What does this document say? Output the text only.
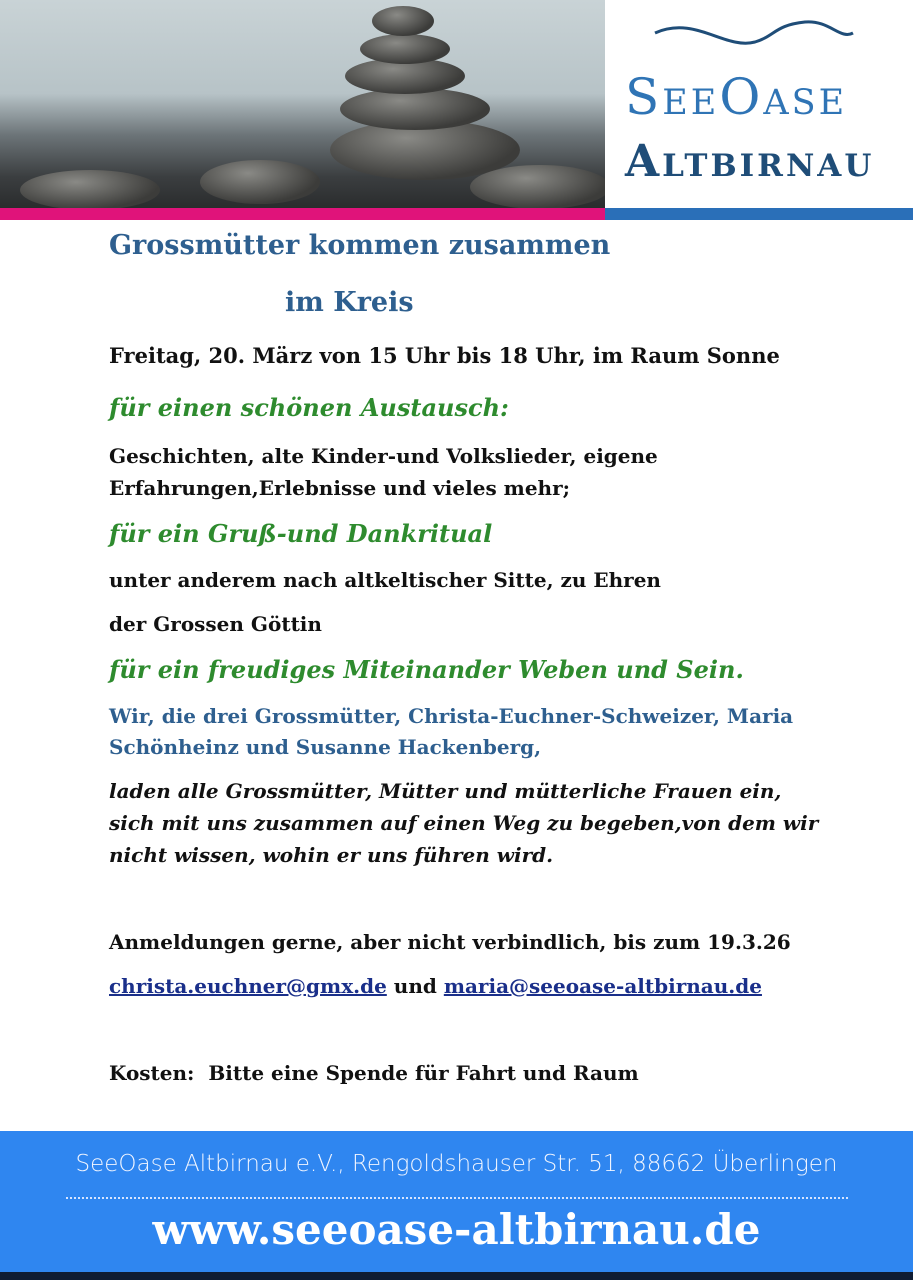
SeeOase
Altbirnau
Grossmütter kommen zusammen
im Kreis
Freitag, 20. März von 15 Uhr bis 18 Uhr, im Raum Sonne
für einen schönen Austausch:
Geschichten, alte Kinder-und Volkslieder, eigene
Erfahrungen,Erlebnisse und vieles mehr;
für ein Gruß-und Dankritual
unter anderem nach altkeltischer Sitte, zu Ehren
der Grossen Göttin
für ein freudiges Miteinander Weben und Sein.
Wir, die drei Grossmütter, Christa-Euchner-Schweizer, Maria
Schönheinz und Susanne Hackenberg,
laden alle Grossmütter, Mütter und mütterliche Frauen ein,
sich mit uns zusammen auf einen Weg zu begeben,von dem wir
nicht wissen, wohin er uns führen wird.
Anmeldungen gerne, aber nicht verbindlich, bis zum 19.3.26
christa.euchner@gmx.de und maria@seeoase-altbirnau.de
Kosten:  Bitte eine Spende für Fahrt und Raum
SeeOase Altbirnau e.V., Rengoldshauser Str. 51, 88662 Überlingen
www.seeoase-altbirnau.de
